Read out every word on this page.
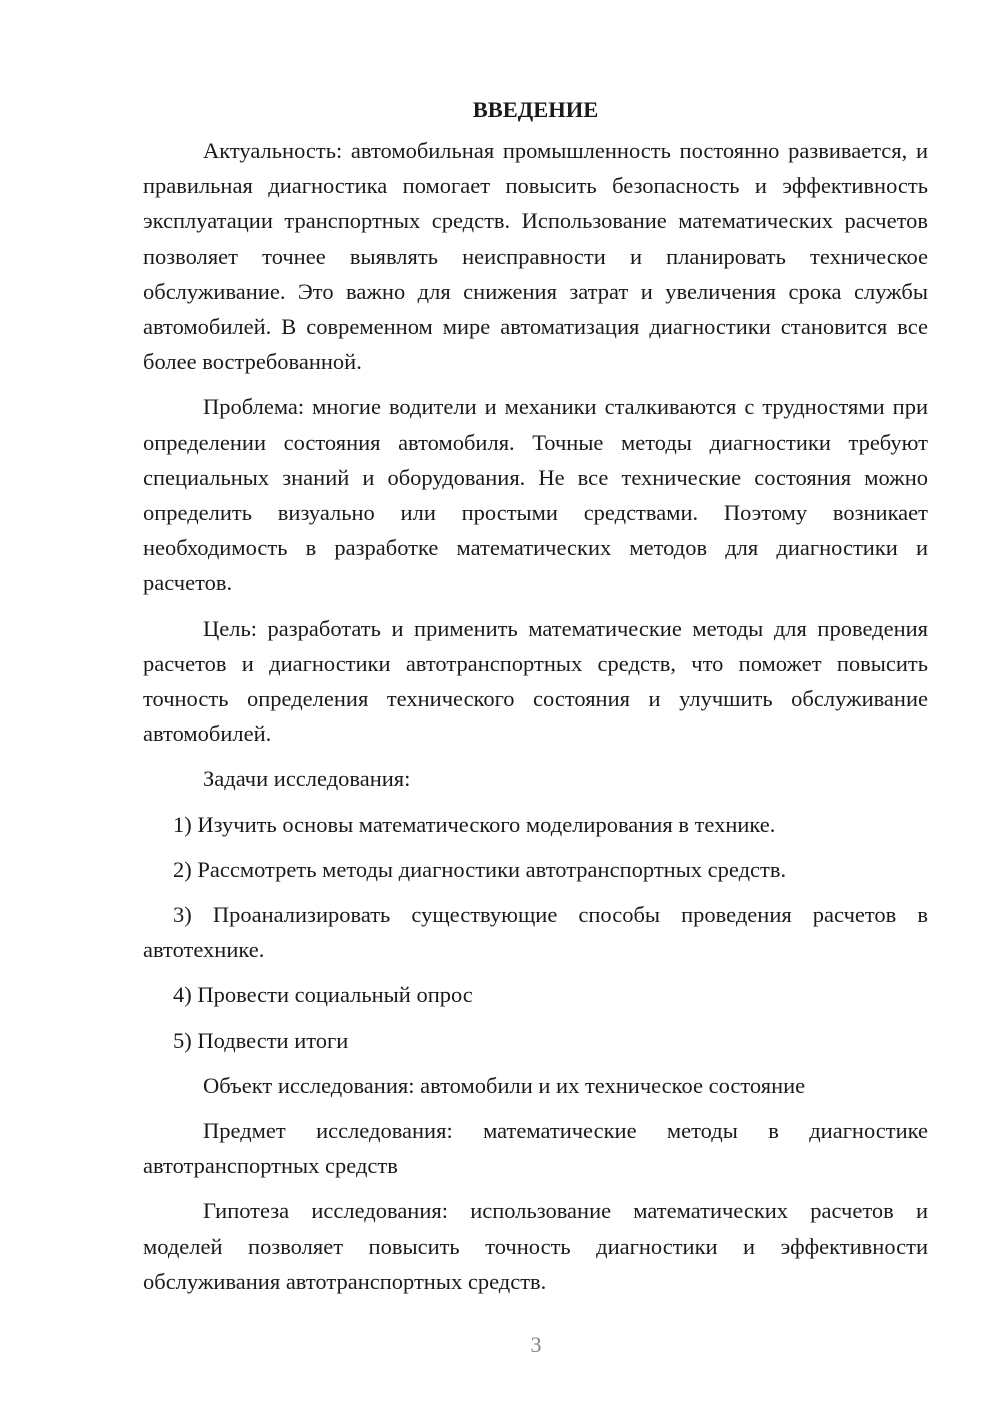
ВВЕДЕНИЕ

Актуальность: автомобильная промышленность постоянно развивается, и правильная диагностика помогает повысить безопасность и эффективность эксплуатации транспортных средств. Использование математических расчетов позволяет точнее выявлять неисправности и планировать техническое обслуживание. Это важно для снижения затрат и увеличения срока службы автомобилей. В современном мире автоматизация диагностики становится все более востребованной.

Проблема: многие водители и механики сталкиваются с трудностями при определении состояния автомобиля. Точные методы диагностики требуют специальных знаний и оборудования. Не все технические состояния можно определить визуально или простыми средствами. Поэтому возникает необходимость в разработке математических методов для диагностики и расчетов.

Цель: разработать и применить математические методы для проведения расчетов и диагностики автотранспортных средств, что поможет повысить точность определения технического состояния и улучшить обслуживание автомобилей.

Задачи исследования:

1) Изучить основы математического моделирования в технике.

2) Рассмотреть методы диагностики автотранспортных средств.

3) Проанализировать существующие способы проведения расчетов в автотехнике.

4) Провести социальный опрос

5) Подвести итоги

Объект исследования: автомобили и их техническое состояние

Предмет исследования: математические методы в диагностике автотранспортных средств

Гипотеза исследования: использование математических расчетов и моделей позволяет повысить точность диагностики и эффективности обслуживания автотранспортных средств.

3
